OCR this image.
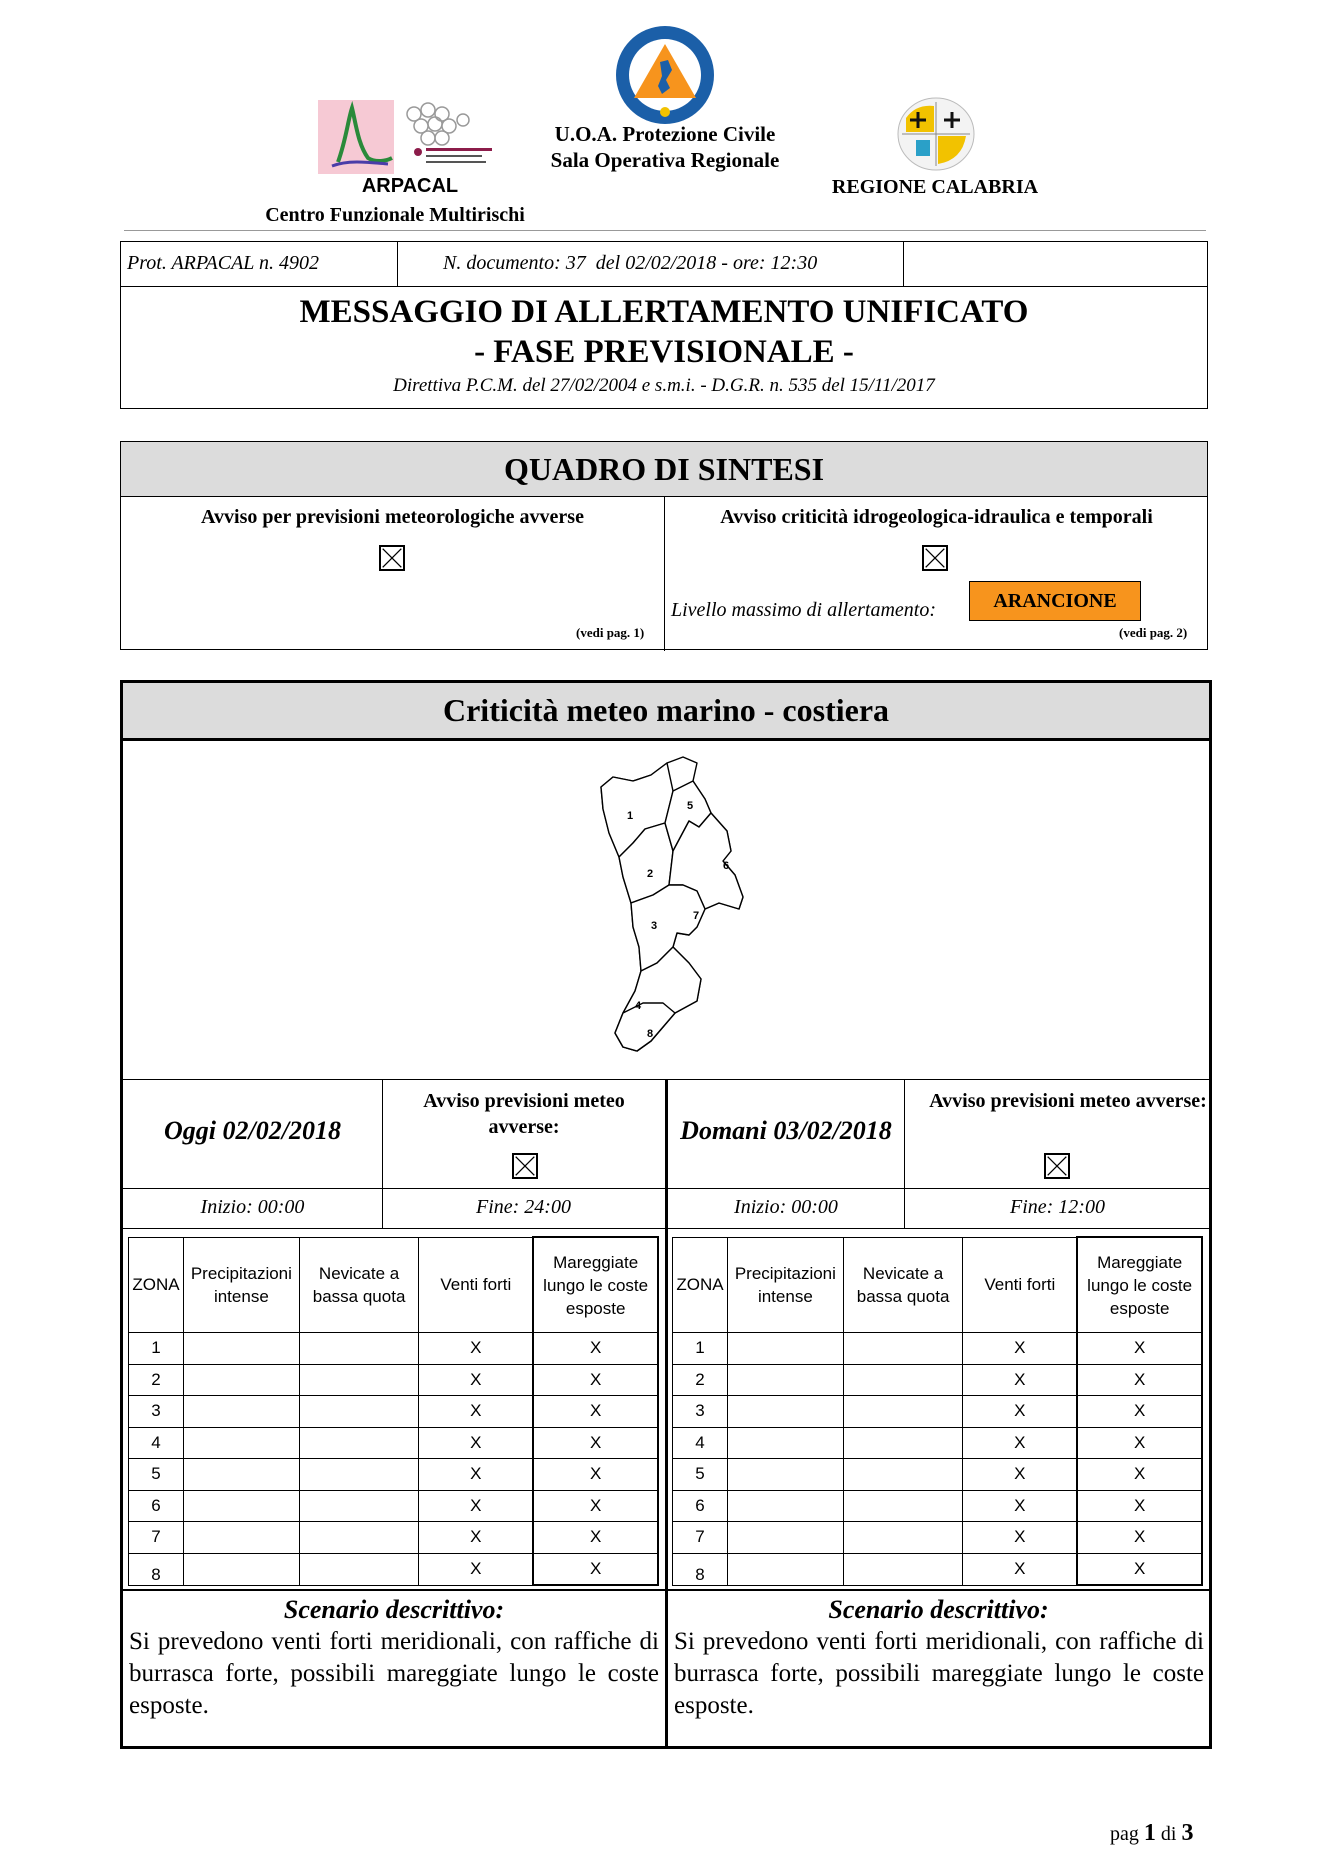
ARPACAL
Centro Funzionale Multirischi
U.O.A. Protezione Civile
Sala Operativa Regionale
REGIONE CALABRIA
Prot. ARPACAL n. 4902	N. documento: 37  del 02/02/2018 - ore: 12:30
MESSAGGIO DI ALLERTAMENTO UNIFICATO
- FASE PREVISIONALE -
Direttiva P.C.M. del 27/02/2004 e s.m.i. - D.G.R. n. 535 del 15/11/2017
QUADRO DI SINTESI
Avviso per previsioni meteorologiche avverse
(vedi pag. 1)
Avviso criticità idrogeologica-idraulica e temporali
Livello massimo di allertamento:	ARANCIONE
(vedi pag. 2)
Criticità meteo marino - costiera
1
2
3
4
5
6
7
8
Oggi 02/02/2018
Avviso previsioni meteo avverse:
Inizio: 00:00	Fine: 24:00
Domani 03/02/2018
Avviso previsioni meteo avverse:
Inizio: 00:00	Fine: 12:00
ZONA	Precipitazioni intense	Nevicate a bassa quota	Venti forti	Mareggiate lungo le coste esposte
1			X	X
2			X	X
3			X	X
4			X	X
5			X	X
6			X	X
7			X	X
8			X	X
ZONA	Precipitazioni intense	Nevicate a bassa quota	Venti forti	Mareggiate lungo le coste esposte
1			X	X
2			X	X
3			X	X
4			X	X
5			X	X
6			X	X
7			X	X
8			X	X
Scenario descrittivo:
Si prevedono venti forti meridionali, con raffiche di burrasca forte, possibili mareggiate lungo le coste esposte.
Scenario descrittivo:
Si prevedono venti forti meridionali, con raffiche di burrasca forte, possibili mareggiate lungo le coste esposte.
pag 1 di 3
